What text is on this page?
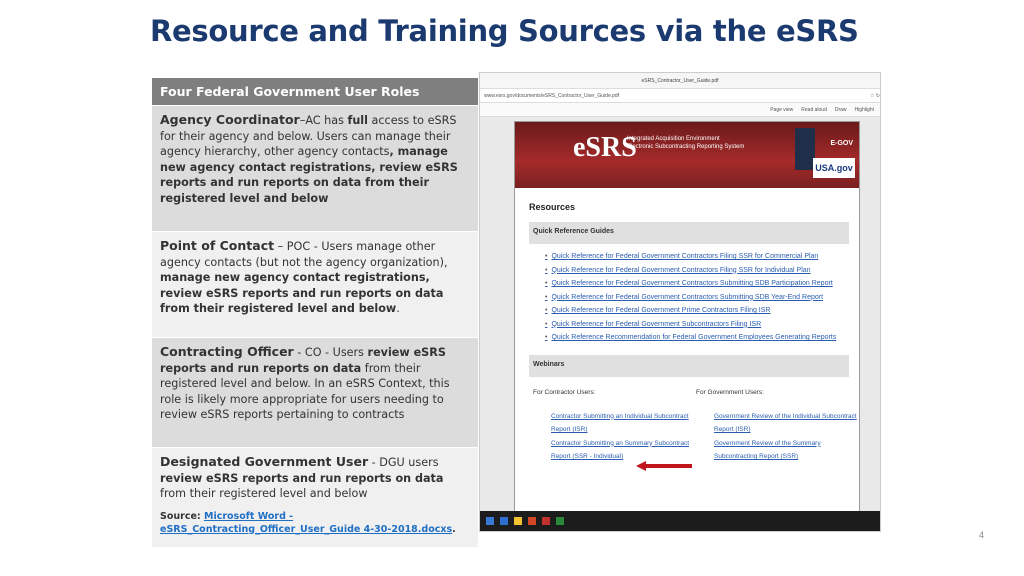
Resource and Training Sources via the eSRS
Four Federal Government User Roles
Agency Coordinator–AC has full access to eSRS for their agency and below. Users can manage their agency hierarchy, other agency contacts, manage new agency contact registrations, review eSRS reports and run reports on data from their registered level and below
Point of Contact – POC - Users manage other agency contacts (but not the agency organization), manage new agency contact registrations, review eSRS reports and run reports on data from their registered level and below.
Contracting Officer - CO - Users review eSRS reports and run reports on data from their registered level and below. In an eSRS Context, this role is likely more appropriate for users needing to review eSRS reports pertaining to contracts
Designated Government User - DGU users review eSRS reports and run reports on data from their registered level and below
Source: Microsoft Word - eSRS_Contracting_Officer_User_Guide 4-30-2018.docxs.
eSRS_Contractor_User_Guide.pdf
www.esrs.gov/documents/eSRS_Contractor_User_Guide.pdf	☆ ↻
Page view Read aloud Draw Highlight
eSRS
Integrated Acquisition Environment
Electronic Subcontracting Reporting System	E-GOV
USA.gov
Resources
Quick Reference Guides
• Quick Reference for Federal Government Contractors Filing SSR for Commercial Plan
• Quick Reference for Federal Government Contractors Filing SSR for Individual Plan
• Quick Reference for Federal Government Contractors Submitting SDB Participation Report
• Quick Reference for Federal Government Contractors Submitting SDB Year-End Report
• Quick Reference for Federal Government Prime Contractors Filing ISR
• Quick Reference for Federal Government Subcontractors Filing ISR
• Quick Reference Recommendation for Federal Government Employees Generating Reports
Webinars
For Contractor Users:
Contractor Submitting an Individual Subcontract Report (ISR)
Contractor Submitting an Summary Subcontract Report (SSR - Individual)
For Government Users:
Government Review of the Individual Subcontract Report (ISR)
Government Review of the Summary Subcontracting Report (SSR)
4
